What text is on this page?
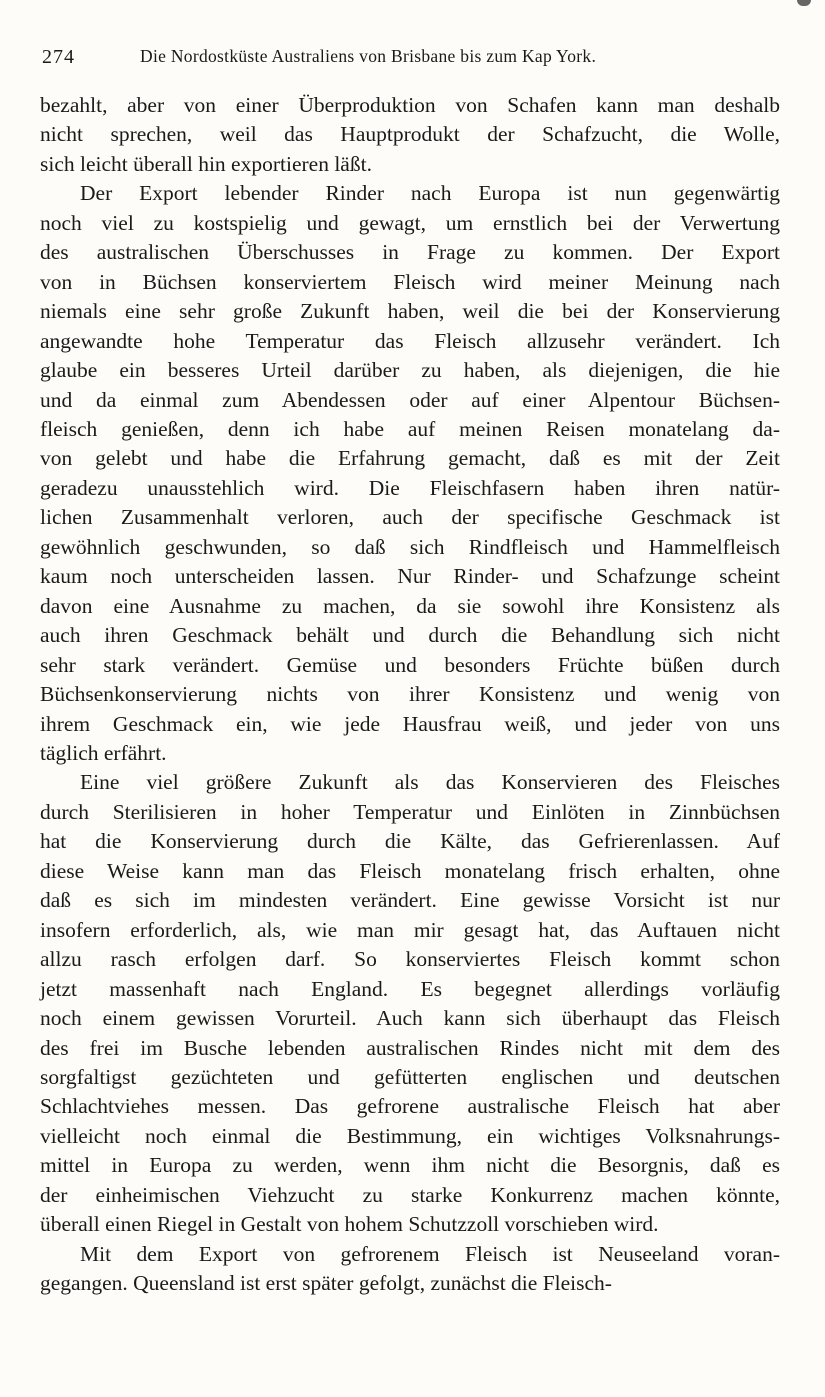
274	Die Nordostküste Australiens von Brisbane bis zum Kap York.

bezahlt, aber von einer Überproduktion von Schafen kann man deshalb
nicht sprechen, weil das Hauptprodukt der Schafzucht, die Wolle,
sich leicht überall hin exportieren läßt.

Der Export lebender Rinder nach Europa ist nun gegenwärtig
noch viel zu kostspielig und gewagt, um ernstlich bei der Verwertung
des australischen Überschusses in Frage zu kommen. Der Export
von in Büchsen konserviertem Fleisch wird meiner Meinung nach
niemals eine sehr große Zukunft haben, weil die bei der Konservierung
angewandte hohe Temperatur das Fleisch allzusehr verändert. Ich
glaube ein besseres Urteil darüber zu haben, als diejenigen, die hie
und da einmal zum Abendessen oder auf einer Alpentour Büchsen-
fleisch genießen, denn ich habe auf meinen Reisen monatelang da-
von gelebt und habe die Erfahrung gemacht, daß es mit der Zeit
geradezu unausstehlich wird. Die Fleischfasern haben ihren natür-
lichen Zusammenhalt verloren, auch der specifische Geschmack ist
gewöhnlich geschwunden, so daß sich Rindfleisch und Hammelfleisch
kaum noch unterscheiden lassen. Nur Rinder- und Schafzunge scheint
davon eine Ausnahme zu machen, da sie sowohl ihre Konsistenz als
auch ihren Geschmack behält und durch die Behandlung sich nicht
sehr stark verändert. Gemüse und besonders Früchte büßen durch
Büchsenkonservierung nichts von ihrer Konsistenz und wenig von
ihrem Geschmack ein, wie jede Hausfrau weiß, und jeder von uns
täglich erfährt.

Eine viel größere Zukunft als das Konservieren des Fleisches
durch Sterilisieren in hoher Temperatur und Einlöten in Zinnbüchsen
hat die Konservierung durch die Kälte, das Gefrierenlassen. Auf
diese Weise kann man das Fleisch monatelang frisch erhalten, ohne
daß es sich im mindesten verändert. Eine gewisse Vorsicht ist nur
insofern erforderlich, als, wie man mir gesagt hat, das Auftauen nicht
allzu rasch erfolgen darf. So konserviertes Fleisch kommt schon
jetzt massenhaft nach England. Es begegnet allerdings vorläufig
noch einem gewissen Vorurteil. Auch kann sich überhaupt das Fleisch
des frei im Busche lebenden australischen Rindes nicht mit dem des
sorgfaltigst gezüchteten und gefütterten englischen und deutschen
Schlachtviehes messen. Das gefrorene australische Fleisch hat aber
vielleicht noch einmal die Bestimmung, ein wichtiges Volksnahrungs-
mittel in Europa zu werden, wenn ihm nicht die Besorgnis, daß es
der einheimischen Viehzucht zu starke Konkurrenz machen könnte,
überall einen Riegel in Gestalt von hohem Schutzzoll vorschieben wird.

Mit dem Export von gefrorenem Fleisch ist Neuseeland voran-
gegangen. Queensland ist erst später gefolgt, zunächst die Fleisch-
